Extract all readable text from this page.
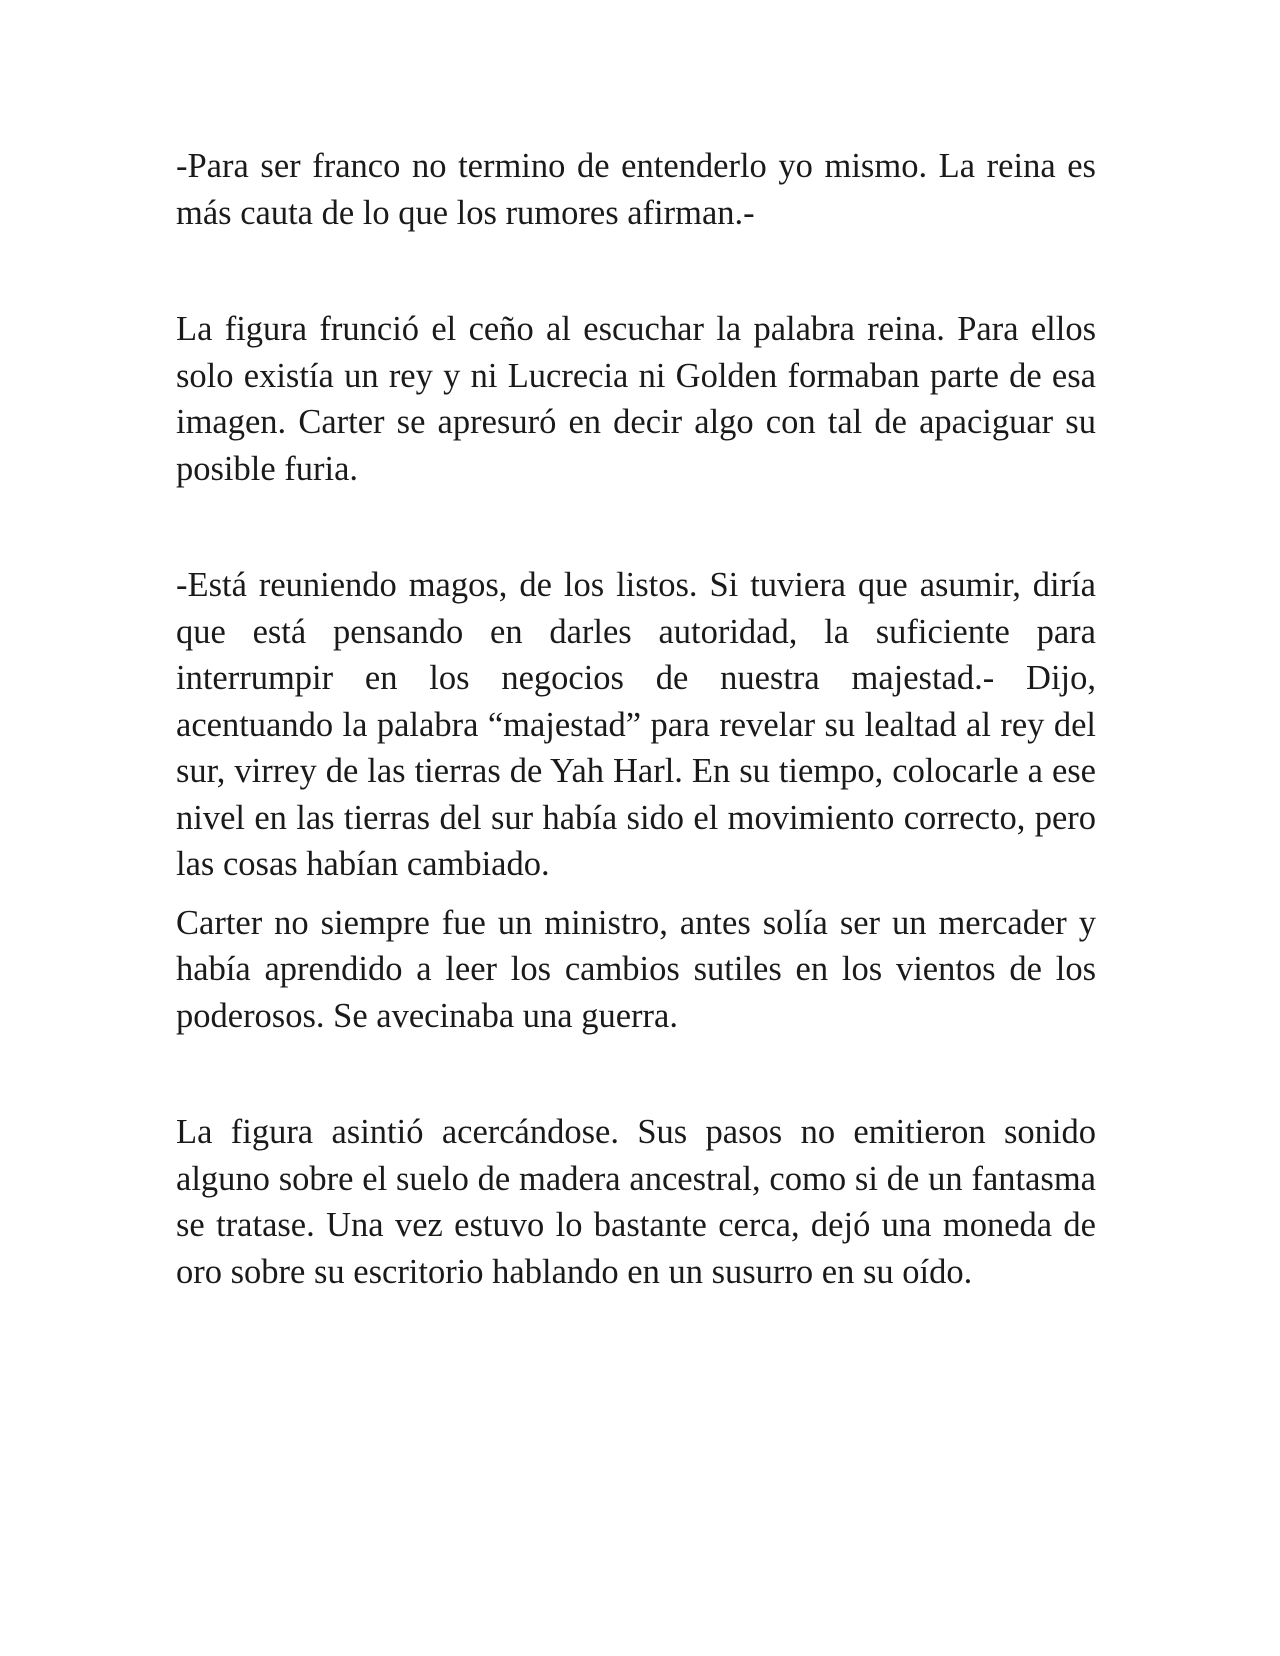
-Para ser franco no termino de entenderlo yo mismo. La reina es más cauta de lo que los rumores afirman.-

La figura frunció el ceño al escuchar la palabra reina. Para ellos solo existía un rey y ni Lucrecia ni Golden formaban parte de esa imagen. Carter se apresuró en decir algo con tal de apaciguar su posible furia.

-Está reuniendo magos, de los listos. Si tuviera que asumir, diría que está pensando en darles autoridad, la suficiente para interrumpir en los negocios de nuestra majestad.- Dijo, acentuando la palabra “majestad” para revelar su lealtad al rey del sur, virrey de las tierras de Yah Harl. En su tiempo, colocarle a ese nivel en las tierras del sur había sido el movimiento correcto, pero las cosas habían cambiado.

Carter no siempre fue un ministro, antes solía ser un mercader y había aprendido a leer los cambios sutiles en los vientos de los poderosos. Se avecinaba una guerra.

La figura asintió acercándose. Sus pasos no emitieron sonido alguno sobre el suelo de madera ancestral, como si de un fantasma se tratase. Una vez estuvo lo bastante cerca, dejó una moneda de oro sobre su escritorio hablando en un susurro en su oído.
